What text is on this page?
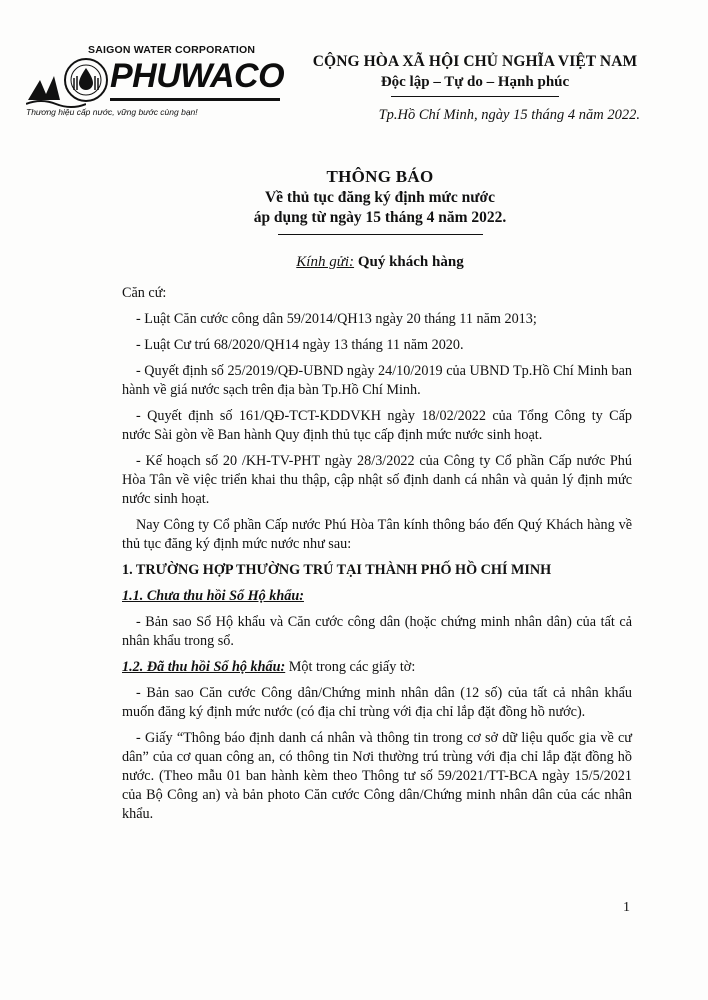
SAIGON WATER CORPORATION
PHUWACO
Thương hiệu cấp nước, vững bước cùng bạn!
CỘNG HÒA XÃ HỘI CHỦ NGHĨA VIỆT NAM
Độc lập – Tự do – Hạnh phúc
Tp.Hồ Chí Minh, ngày 15 tháng 4 năm 2022.
THÔNG BÁO
Về thủ tục đăng ký định mức nước
áp dụng từ ngày 15 tháng 4 năm 2022.
Kính gửi: Quý khách hàng
Căn cứ:

- Luật Căn cước công dân 59/2014/QH13 ngày 20 tháng 11 năm 2013;

- Luật Cư trú 68/2020/QH14 ngày 13 tháng 11 năm 2020.

- Quyết định số 25/2019/QĐ-UBND ngày 24/10/2019 của UBND Tp.Hồ Chí Minh ban hành về giá nước sạch trên địa bàn Tp.Hồ Chí Minh.

- Quyết định số 161/QĐ-TCT-KDDVKH ngày 18/02/2022 của Tổng Công ty Cấp nước Sài gòn về Ban hành Quy định thủ tục cấp định mức nước sinh hoạt.

- Kế hoạch số 20 /KH-TV-PHT ngày 28/3/2022 của Công ty Cổ phần Cấp nước Phú Hòa Tân về việc triển khai thu thập, cập nhật số định danh cá nhân và quản lý định mức nước sinh hoạt.

Nay Công ty Cổ phần Cấp nước Phú Hòa Tân kính thông báo đến Quý Khách hàng về thủ tục đăng ký định mức nước như sau:

1. TRƯỜNG HỢP THƯỜNG TRÚ TẠI THÀNH PHỐ HỒ CHÍ MINH
1.1. Chưa thu hồi Sổ Hộ khẩu:

- Bản sao Sổ Hộ khẩu và Căn cước công dân (hoặc chứng minh nhân dân) của tất cả nhân khẩu trong sổ.

1.2. Đã thu hồi Sổ hộ khẩu: Một trong các giấy tờ:

- Bản sao Căn cước Công dân/Chứng minh nhân dân (12 số) của tất cả nhân khẩu muốn đăng ký định mức nước (có địa chỉ trùng với địa chỉ lắp đặt đồng hồ nước).

- Giấy “Thông báo định danh cá nhân và thông tin trong cơ sở dữ liệu quốc gia về cư dân” của cơ quan công an, có thông tin Nơi thường trú trùng với địa chỉ lắp đặt đồng hồ nước. (Theo mẫu 01 ban hành kèm theo Thông tư số 59/2021/TT-BCA ngày 15/5/2021 của Bộ Công an) và bản photo Căn cước Công dân/Chứng minh nhân dân của các nhân khẩu.

1
